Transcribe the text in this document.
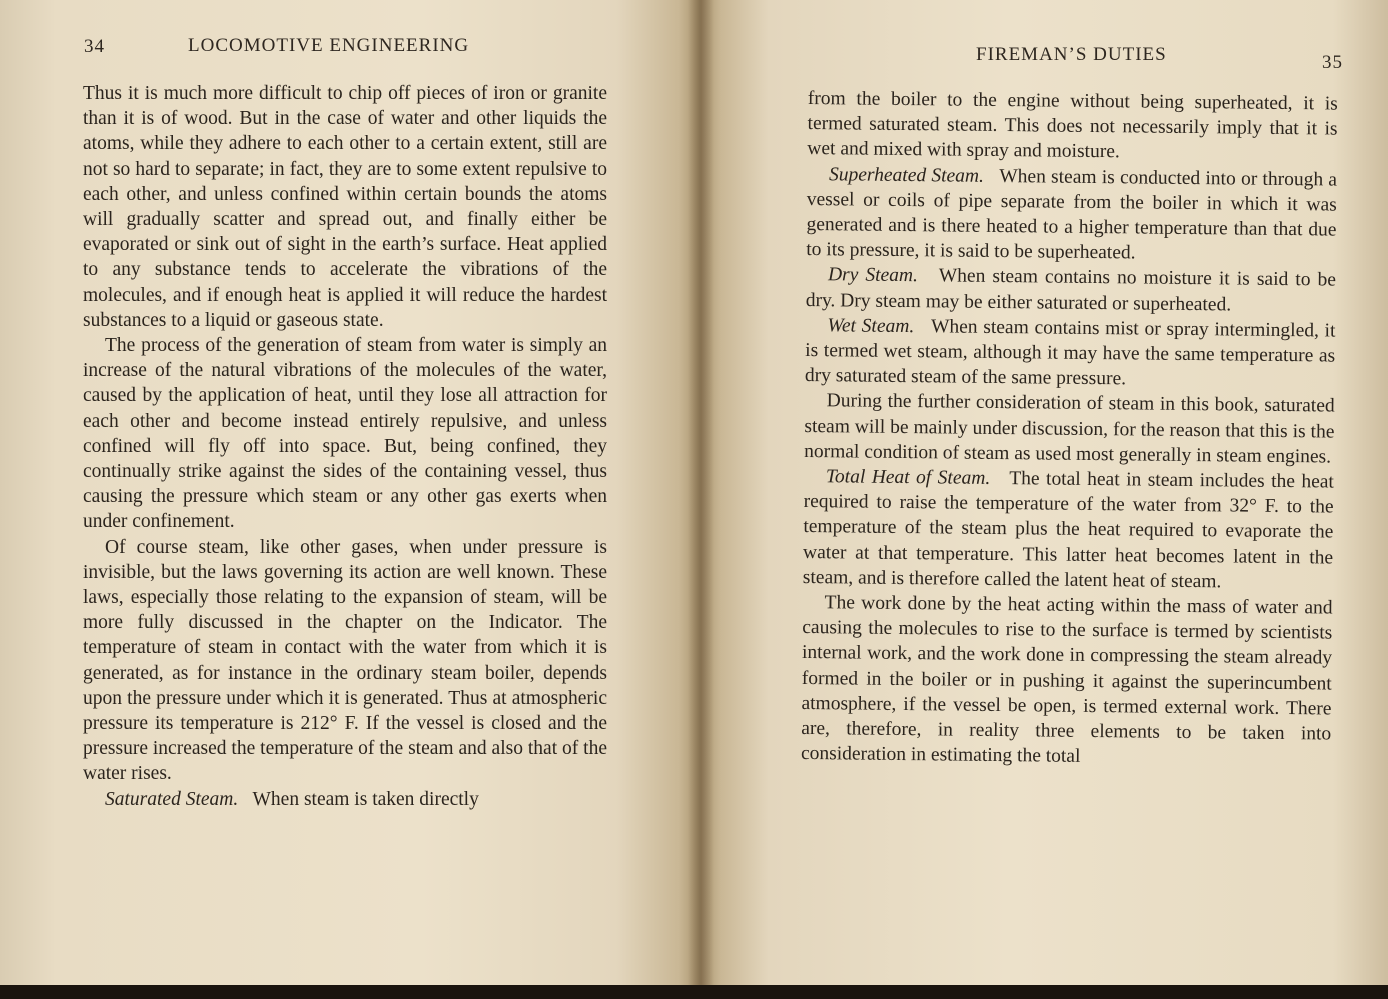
34	LOCOMOTIVE ENGINEERING

Thus it is much more difficult to chip off pieces of iron or granite than it is of wood. But in the case of water and other liquids the atoms, while they adhere to each other to a certain extent, still are not so hard to separate; in fact, they are to some extent repulsive to each other, and unless confined within certain bounds the atoms will gradually scatter and spread out, and finally either be evaporated or sink out of sight in the earth’s surface. Heat applied to any substance tends to accelerate the vibrations of the molecules, and if enough heat is applied it will reduce the hardest substances to a liquid or gaseous state.

The process of the generation of steam from water is simply an increase of the natural vibrations of the molecules of the water, caused by the application of heat, until they lose all attraction for each other and become instead entirely repulsive, and unless confined will fly off into space. But, being confined, they continually strike against the sides of the containing vessel, thus causing the pressure which steam or any other gas exerts when under confinement.

Of course steam, like other gases, when under pressure is invisible, but the laws governing its action are well known. These laws, especially those relating to the expansion of steam, will be more fully discussed in the chapter on the Indicator. The temperature of steam in contact with the water from which it is generated, as for instance in the ordinary steam boiler, depends upon the pressure under which it is generated. Thus at atmospheric pressure its temperature is 212° F. If the vessel is closed and the pressure increased the temperature of the steam and also that of the water rises.

Saturated Steam. When steam is taken directly

FIREMAN’S DUTIES	35

from the boiler to the engine without being superheated, it is termed saturated steam. This does not necessarily imply that it is wet and mixed with spray and moisture.

Superheated Steam. When steam is conducted into or through a vessel or coils of pipe separate from the boiler in which it was generated and is there heated to a higher temperature than that due to its pressure, it is said to be superheated.

Dry Steam. When steam contains no moisture it is said to be dry. Dry steam may be either saturated or superheated.

Wet Steam. When steam contains mist or spray intermingled, it is termed wet steam, although it may have the same temperature as dry saturated steam of the same pressure.

During the further consideration of steam in this book, saturated steam will be mainly under discussion, for the reason that this is the normal condition of steam as used most generally in steam engines.

Total Heat of Steam. The total heat in steam includes the heat required to raise the temperature of the water from 32° F. to the temperature of the steam plus the heat required to evaporate the water at that temperature. This latter heat becomes latent in the steam, and is therefore called the latent heat of steam.

The work done by the heat acting within the mass of water and causing the molecules to rise to the surface is termed by scientists internal work, and the work done in compressing the steam already formed in the boiler or in pushing it against the superincumbent atmosphere, if the vessel be open, is termed external work. There are, therefore, in reality three elements to be taken into consideration in estimating the total
